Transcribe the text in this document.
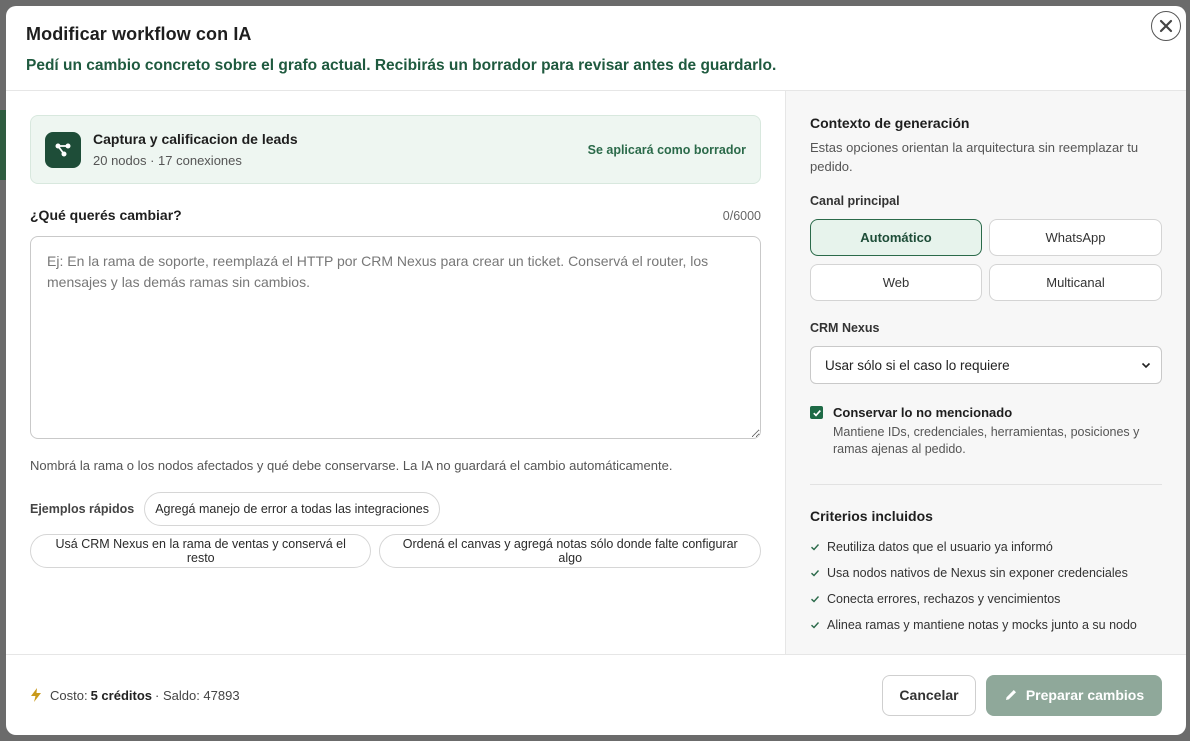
Modificar workflow con IA
Pedí un cambio concreto sobre el grafo actual. Recibirás un borrador para revisar antes de guardarlo.
Captura y calificacion de leads
20 nodos · 17 conexiones
Se aplicará como borrador
¿Qué querés cambiar?	0/6000
Ej: En la rama de soporte, reemplazá el HTTP por CRM Nexus para crear un ticket. Conservá el router, los mensajes y las demás ramas sin cambios.
Nombrá la rama o los nodos afectados y qué debe conservarse. La IA no guardará el cambio automáticamente.
Ejemplos rápidos	Agregá manejo de error a todas las integraciones
Usá CRM Nexus en la rama de ventas y conservá el resto
Ordená el canvas y agregá notas sólo donde falte configurar algo
Contexto de generación
Estas opciones orientan la arquitectura sin reemplazar tu pedido.
Canal principal
Automático	WhatsApp
Web	Multicanal
CRM Nexus
Usar sólo si el caso lo requiere
Conservar lo no mencionado
Mantiene IDs, credenciales, herramientas, posiciones y ramas ajenas al pedido.
Criterios incluidos
Reutiliza datos que el usuario ya informó
Usa nodos nativos de Nexus sin exponer credenciales
Conecta errores, rechazos y vencimientos
Alinea ramas y mantiene notas y mocks junto a su nodo
Costo: 5 créditos · Saldo: 47893	Cancelar	Preparar cambios
